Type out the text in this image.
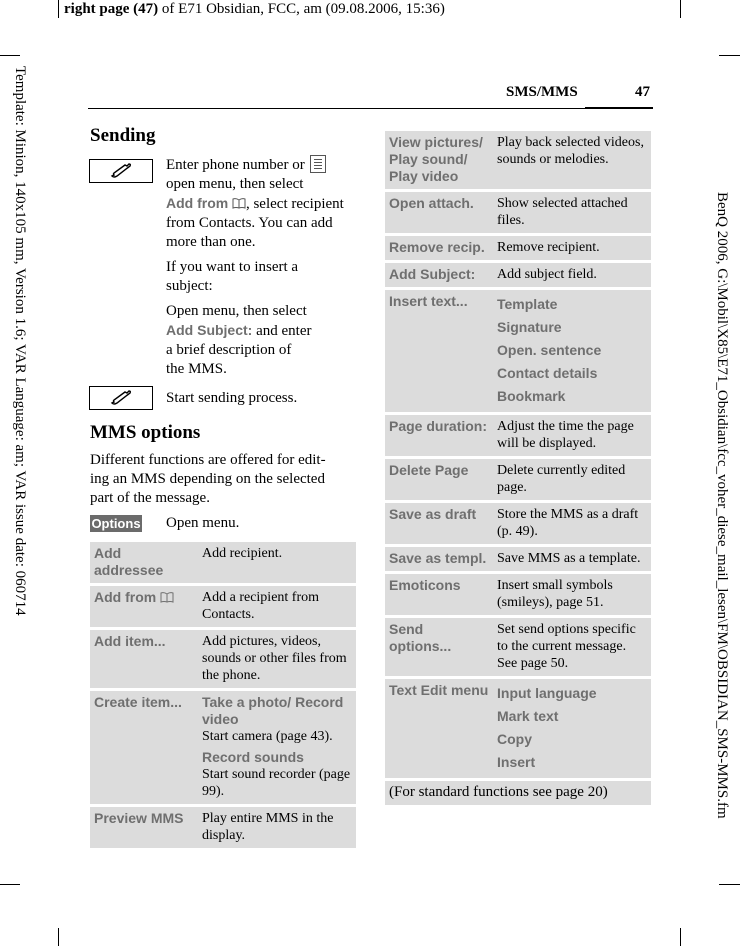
right page (47) of E71 Obsidian, FCC, am (09.08.2006, 15:36)
Template: Minion, 140x105 mm, Version 1.6; VAR Language: am; VAR issue date: 060714	BenQ 2006, G:\Mobil\X85\E71_Obsidian\fcc_voher_diese_mail_lesen\FM\OBSIDIAN_SMS-MMS.fm
SMS/MMS	47
Sending
Enter phone number or
open menu, then select
Add from , select recipient
from Contacts. You can add
more than one.
If you want to insert a
subject:
Open menu, then select
Add Subject: and enter
a brief description of
the MMS.
Start sending process.
MMS options
Different functions are offered for edit-
ing an MMS depending on the selected
part of the message.
Options Open menu.
Add addressee	Add recipient.
Add from	Add a recipient from Contacts.
Add item...	Add pictures, videos, sounds or other files from the phone.
Create item...	Take a photo/ Record video
Start camera (page 43).
Record sounds
Start sound recorder (page 99).

Preview MMS	Play entire MMS in the display.
View pictures/ Play sound/ Play video	Play back selected videos, sounds or melodies.
Open attach.	Show selected attached files.
Remove recip.	Remove recipient.
Add Subject:	Add subject field.
Insert text...	Template
Signature
Open. sentence
Contact details
Bookmark

Page duration:	Adjust the time the page will be displayed.
Delete Page	Delete currently edited page.
Save as draft	Store the MMS as a draft (p. 49).
Save as templ.	Save MMS as a template.
Emoticons	Insert small symbols (smileys), page 51.
Send options...	Set send options specific to the current message. See page 50.
Text Edit menu	Input language
Mark text
Copy
Insert

(For standard functions see page 20)	
